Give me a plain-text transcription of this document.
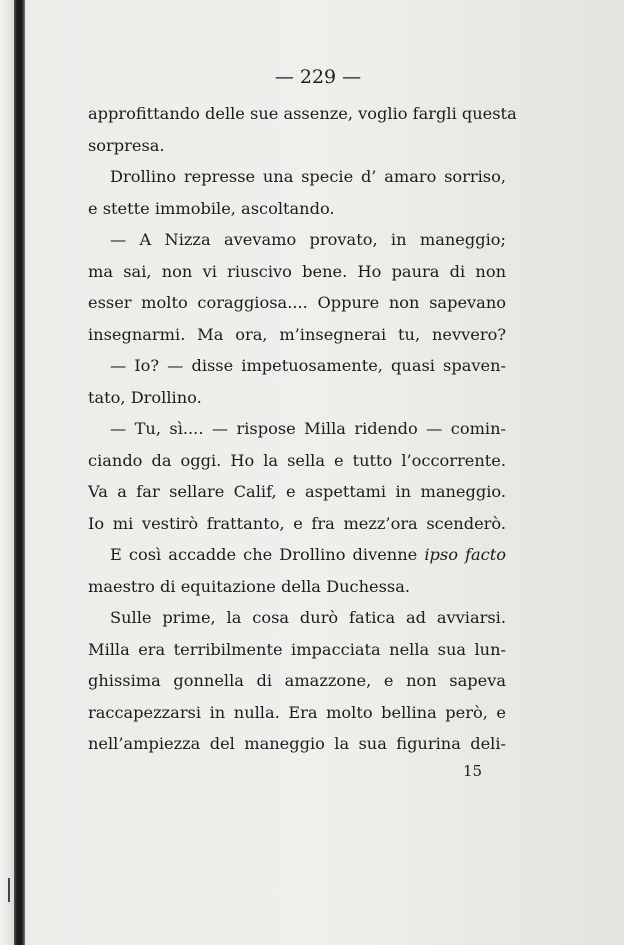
— 229 —
approfittando delle sue assenze, voglio fargli questa
sorpresa.
Drollino represse una specie d’ amaro sorriso,
e stette immobile, ascoltando.
— A Nizza avevamo provato, in maneggio;
ma sai, non vi riuscivo bene. Ho paura di non
esser molto coraggiosa.... Oppure non sapevano
insegnarmi. Ma ora, m’insegnerai tu, nevvero?
— Io? — disse impetuosamente, quasi spaven-
tato, Drollino.
— Tu, sì.... — rispose Milla ridendo — comin-
ciando da oggi. Ho la sella e tutto l’occorrente.
Va a far sellare Calif, e aspettami in maneggio.
Io mi vestirò frattanto, e fra mezz’ora scenderò.
E così accadde che Drollino divenne ipso facto
maestro di equitazione della Duchessa.
Sulle prime, la cosa durò fatica ad avviarsi.
Milla era terribilmente impacciata nella sua lun-
ghissima gonnella di amazzone, e non sapeva
raccapezzarsi in nulla. Era molto bellina però, e
nell’ampiezza del maneggio la sua figurina deli-
15
